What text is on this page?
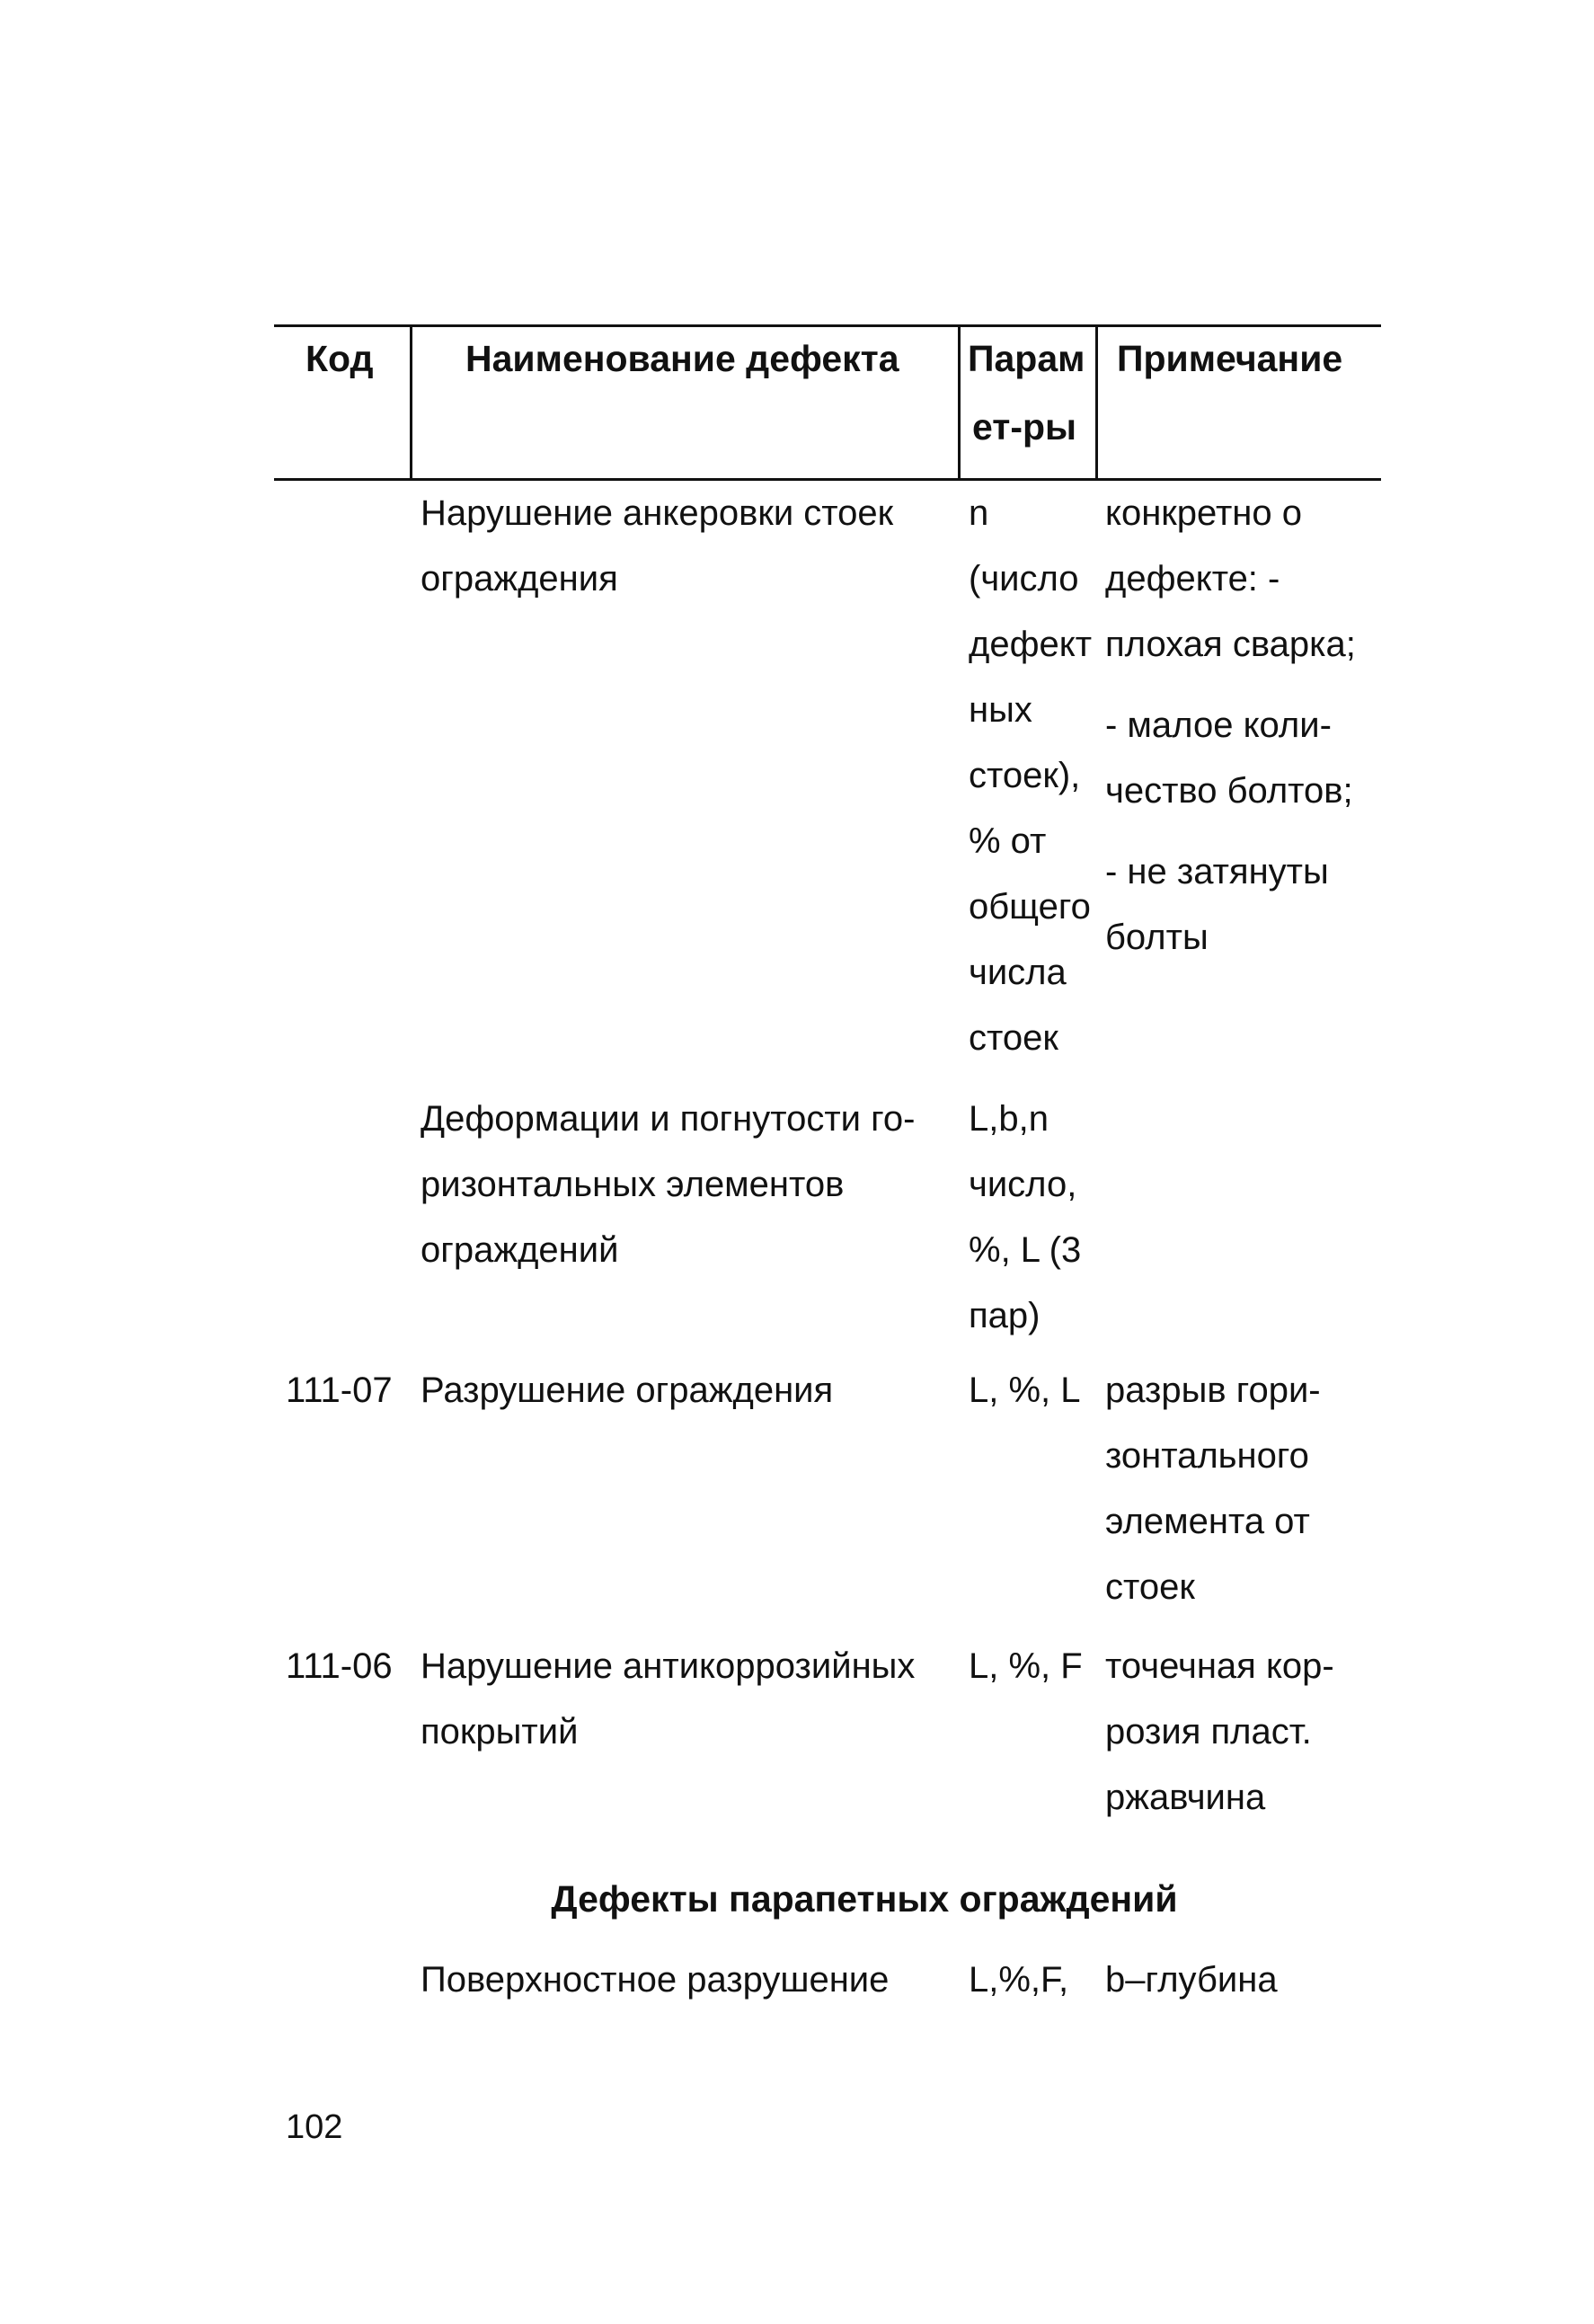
Код Наименование дефекта Парам
ет-ры
Примечание
Нарушение анкеровки стоек
ограждения
n
(число
дефект
ных
стоек),
% от
общего
числа
стоек
конкретно о
дефекте: -
плохая сварка;
- малое коли-
чество болтов;
- не затянуты
болты
Деформации и погнутости го-
ризонтальных элементов
ограждений
L,b,n
число,
%, L (3
пар)
111-07 Разрушение ограждения	L, %, L разрыв гори-
зонтального
элемента от
стоек
111-06 Нарушение антикоррозийных
покрытий
L, %, F точечная кор-
розия пласт.
ржавчина
Дефекты парапетных ограждений
Поверхностное разрушение L,%,F, b–глубина
102
